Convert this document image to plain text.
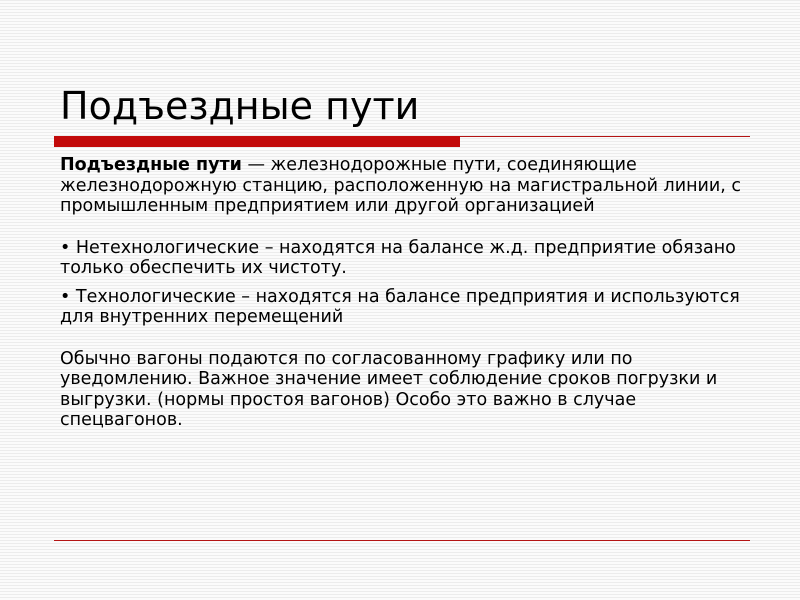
Подъездные пути

Подъездные пути — железнодорожные пути, соединяющие железнодорожную станцию, расположенную на магистральной линии, с промышленным предприятием или другой организацией

• Нетехнологические – находятся на балансе ж.д. предприятие обязано только обеспечить их чистоту.

• Технологические – находятся на балансе предприятия и используются для внутренних перемещений

Обычно вагоны подаются по согласованному графику или по уведомлению. Важное значение имеет соблюдение сроков погрузки и выгрузки. (нормы простоя вагонов) Особо это важно в случае спецвагонов.
